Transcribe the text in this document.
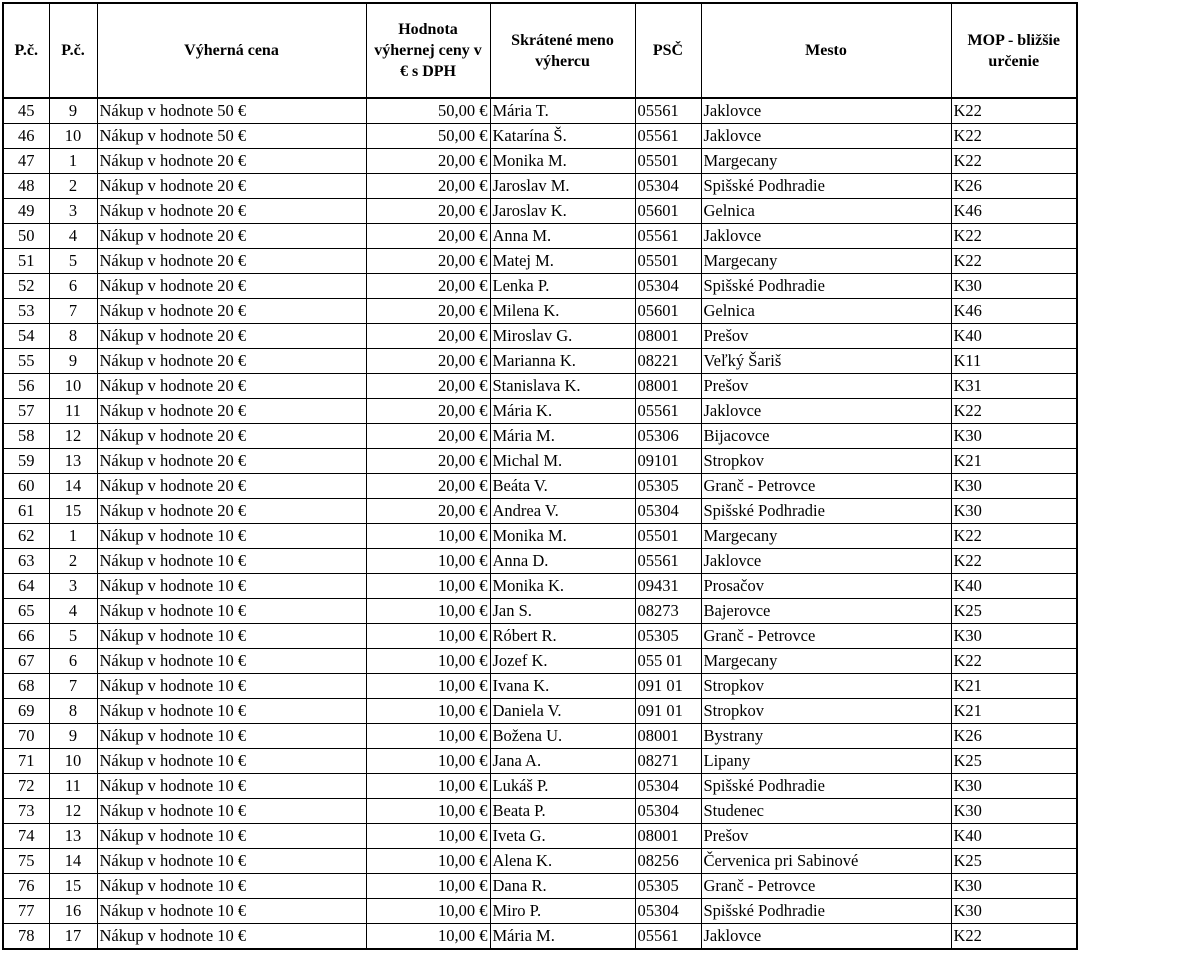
P.č.	P.č.	Výherná cena	Hodnota výhernej ceny v € s DPH	Skrátené meno výhercu	PSČ	Mesto	MOP - bližšie určenie
45	9	Nákup v hodnote 50 €	50,00 €	Mária T.	05561	Jaklovce	K22
46	10	Nákup v hodnote 50 €	50,00 €	Katarína Š.	05561	Jaklovce	K22
47	1	Nákup v hodnote 20 €	20,00 €	Monika M.	05501	Margecany	K22
48	2	Nákup v hodnote 20 €	20,00 €	Jaroslav M.	05304	Spišské Podhradie	K26
49	3	Nákup v hodnote 20 €	20,00 €	Jaroslav K.	05601	Gelnica	K46
50	4	Nákup v hodnote 20 €	20,00 €	Anna M.	05561	Jaklovce	K22
51	5	Nákup v hodnote 20 €	20,00 €	Matej M.	05501	Margecany	K22
52	6	Nákup v hodnote 20 €	20,00 €	Lenka P.	05304	Spišské Podhradie	K30
53	7	Nákup v hodnote 20 €	20,00 €	Milena K.	05601	Gelnica	K46
54	8	Nákup v hodnote 20 €	20,00 €	Miroslav G.	08001	Prešov	K40
55	9	Nákup v hodnote 20 €	20,00 €	Marianna K.	08221	Veľký Šariš	K11
56	10	Nákup v hodnote 20 €	20,00 €	Stanislava K.	08001	Prešov	K31
57	11	Nákup v hodnote 20 €	20,00 €	Mária K.	05561	Jaklovce	K22
58	12	Nákup v hodnote 20 €	20,00 €	Mária M.	05306	Bijacovce	K30
59	13	Nákup v hodnote 20 €	20,00 €	Michal M.	09101	Stropkov	K21
60	14	Nákup v hodnote 20 €	20,00 €	Beáta V.	05305	Granč - Petrovce	K30
61	15	Nákup v hodnote 20 €	20,00 €	Andrea V.	05304	Spišské Podhradie	K30
62	1	Nákup v hodnote 10 €	10,00 €	Monika M.	05501	Margecany	K22
63	2	Nákup v hodnote 10 €	10,00 €	Anna D.	05561	Jaklovce	K22
64	3	Nákup v hodnote 10 €	10,00 €	Monika K.	09431	Prosačov	K40
65	4	Nákup v hodnote 10 €	10,00 €	Jan S.	08273	Bajerovce	K25
66	5	Nákup v hodnote 10 €	10,00 €	Róbert R.	05305	Granč - Petrovce	K30
67	6	Nákup v hodnote 10 €	10,00 €	Jozef K.	055 01	Margecany	K22
68	7	Nákup v hodnote 10 €	10,00 €	Ivana K.	091 01	Stropkov	K21
69	8	Nákup v hodnote 10 €	10,00 €	Daniela V.	091 01	Stropkov	K21
70	9	Nákup v hodnote 10 €	10,00 €	Božena U.	08001	Bystrany	K26
71	10	Nákup v hodnote 10 €	10,00 €	Jana A.	08271	Lipany	K25
72	11	Nákup v hodnote 10 €	10,00 €	Lukáš P.	05304	Spišské Podhradie	K30
73	12	Nákup v hodnote 10 €	10,00 €	Beata P.	05304	Studenec	K30
74	13	Nákup v hodnote 10 €	10,00 €	Iveta G.	08001	Prešov	K40
75	14	Nákup v hodnote 10 €	10,00 €	Alena K.	08256	Červenica pri Sabinové	K25
76	15	Nákup v hodnote 10 €	10,00 €	Dana R.	05305	Granč - Petrovce	K30
77	16	Nákup v hodnote 10 €	10,00 €	Miro P.	05304	Spišské Podhradie	K30
78	17	Nákup v hodnote 10 €	10,00 €	Mária M.	05561	Jaklovce	K22
